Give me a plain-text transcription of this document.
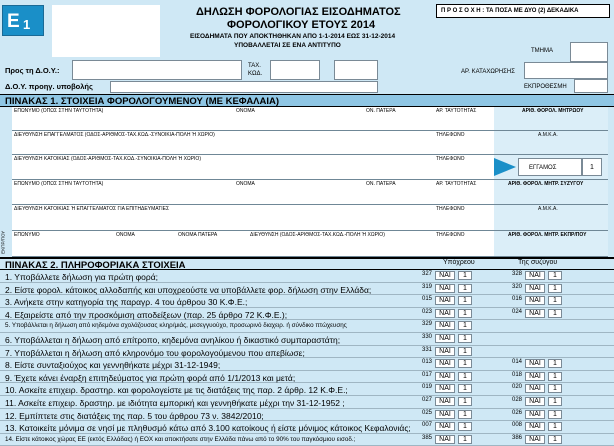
E 1
ΔΗΛΩΣΗ ΦΟΡΟΛΟΓΙΑΣ ΕΙΣΟΔΗΜΑΤΟΣ
ΦΟΡΟΛΟΓΙΚΟΥ ΕΤΟΥΣ 2014
ΕΙΣΟΔΗΜΑΤΑ ΠΟΥ ΑΠΟΚΤΗΘΗΚΑΝ ΑΠΟ 1-1-2014 ΕΩΣ 31-12-2014
ΥΠΟΒΑΛΛΕΤΑΙ ΣΕ ΕΝΑ ΑΝΤΙΤΥΠΟ
Π Ρ Ο Σ Ο Χ Η : ΤΑ ΠΟΣΑ ΜΕ ΔΥΟ (2) ΔΕΚΑΔΙΚΑ
ΤΜΗΜΑ
Προς τη Δ.Ο.Υ.:	ΤΑΧ.
ΚΩΔ.	ΑΡ. ΚΑΤΑΧΩΡΗΣΗΣ
Δ.Ο.Υ. προηγ. υποβολής	ΕΚΠΡΟΘΕΣΜΗ
ΠΙΝΑΚΑΣ 1. ΣΤΟΙΧΕΙΑ ΦΟΡΟΛΟΓΟΥΜΕΝΟΥ (ΜΕ ΚΕΦΑΛΑΙΑ)
ΕΚΠΡ/ΠΟΥ
ΕΠΩΝΥΜΟ (ΟΠΩΣ ΣΤΗΝ ΤΑΥΤΟΤΗΤΑ)	ΟΝΟΜΑ	ΟΝ. ΠΑΤΕΡΑ	ΑΡ. ΤΑΥΤΟΤΗΤΑΣ	ΑΡΙΘ. ΦΟΡΟΛ. ΜΗΤΡΩΟΥ
ΔΙΕΥΘΥΝΣΗ ΕΠΑΓΓΕΛΜΑΤΟΣ (ΟΔΟΣ-ΑΡΙΘΜΟΣ-ΤΑΧ.ΚΩΔ.-ΣΥΝΟΙΚΙΑ-ΠΟΛΗ Ή ΧΩΡΙΟ)	ΤΗΛΕΦΩΝΟ	Α.Μ.Κ.Α.
ΔΙΕΥΘΥΝΣΗ ΚΑΤΟΙΚΙΑΣ (ΟΔΟΣ-ΑΡΙΘΜΟΣ-ΤΑΧ.ΚΩΔ.-ΣΥΝΟΙΚΙΑ-ΠΟΛΗ Ή ΧΩΡΙΟ)	ΤΗΛΕΦΩΝΟ
ΕΓΓΑΜΟΣ	1
ΕΠΩΝΥΜΟ (ΟΠΩΣ ΣΤΗΝ ΤΑΥΤΟΤΗΤΑ)	ΟΝΟΜΑ	ΟΝ. ΠΑΤΕΡΑ	ΑΡ. ΤΑΥΤΟΤΗΤΑΣ	ΑΡΙΘ. ΦΟΡΟΛ. ΜΗΤΡ. ΣΥΖΥΓΟΥ
ΔΙΕΥΘΥΝΣΗ ΚΑΤΟΙΚΙΑΣ Ή ΕΠΑΓΓΕΛΜΑΤΟΣ ΓΙΑ ΕΠΙΤΗΔΕΥΜΑΤΙΕΣ	ΤΗΛΕΦΩΝΟ	Α.Μ.Κ.Α.
ΕΠΩΝΥΜΟ	ΟΝΟΜΑ	ΟΝΟΜΑ ΠΑΤΕΡΑ	ΔΙΕΥΘΥΝΣΗ (ΟΔΟΣ-ΑΡΙΘΜΟΣ-ΤΑΧ.ΚΩΔ.-ΠΟΛΗ Ή ΧΩΡΙΟ)	ΤΗΛΕΦΩΝΟ	ΑΡΙΘ. ΦΟΡΟΛ. ΜΗΤΡ. ΕΚΠΡ/ΠΟΥ
ΠΙΝΑΚΑΣ 2. ΠΛΗΡΟΦΟΡΙΑΚΑ ΣΤΟΙΧΕΙΑ	Υπόχρεου	Της συζύγου
1. Υποβάλλετε δήλωση για πρώτη φορά;	327	ΝΑΙ	1	328	ΝΑΙ	1
2. Είστε φορολ. κάτοικος αλλοδαπής και υποχρεούστε να υποβάλλετε φορ. δήλωση στην Ελλάδα;	319	ΝΑΙ	1	320	ΝΑΙ	1
3. Ανήκετε στην κατηγορία της παραγρ. 4 του άρθρου 30 Κ.Φ.Ε.;	015	ΝΑΙ	1	016	ΝΑΙ	1
4. Εξαιρείστε από την προσκόμιση αποδείξεων (παρ. 25 άρθρο 72 Κ.Φ.Ε.);	023	ΝΑΙ	1	024	ΝΑΙ	1
5. Υποβάλλεται η δήλωση από κηδεμόνα σχολάζουσας κληρ/μιάς, μεσεγγυούχο, προσωρινό διαχειρ. ή σύνδικο πτώχευσης	329	ΝΑΙ	1
6. Υποβάλλεται η δήλωση από επίτροπο, κηδεμόνα ανηλίκου ή δικαστικό συμπαραστάτη;	330	ΝΑΙ	1
7. Υποβάλλεται η δήλωση από κληρονόμο του φορολογούμενου που απεβίωσε;	331	ΝΑΙ	1
8. Είστε συνταξιούχος και γεννηθήκατε μέχρι 31-12-1949;	013	ΝΑΙ	1	014	ΝΑΙ	1
9. Έχετε κάνει έναρξη επιτηδεύματος για πρώτη φορά από 1/1/2013 και μετά;	017	ΝΑΙ	1	018	ΝΑΙ	1
10. Ασκείτε επιχειρ. δραστηρ. και φορολογείστε με τις διατάξεις της παρ. 2 άρθρ. 12 Κ.Φ.Ε.;	019	ΝΑΙ	1	020	ΝΑΙ	1
11. Ασκείτε επιχειρ. δραστηρ. με ιδιότητα εμπορική και γεννηθήκατε μέχρι την 31-12-1952 ;	027	ΝΑΙ	1	028	ΝΑΙ	1
12. Εμπίπτετε στις διατάξεις της παρ. 5 του άρθρου 73 ν. 3842/2010;	025	ΝΑΙ	1	026	ΝΑΙ	1
13. Κατοικείτε μόνιμα σε νησί με πληθυσμό κάτω από 3.100 κατοίκους ή είστε μόνιμος κάτοικος Κεφαλονιάς;	007	ΝΑΙ	1	008	ΝΑΙ	1
14. Είστε κάτοικος χώρας ΕΕ (εκτός Ελλάδας) ή ΕΟΧ και αποκτήσατε στην Ελλάδα πάνω από το 90% του παγκόσμιου εισοδ.;	385	ΝΑΙ	1	386	ΝΑΙ	1
